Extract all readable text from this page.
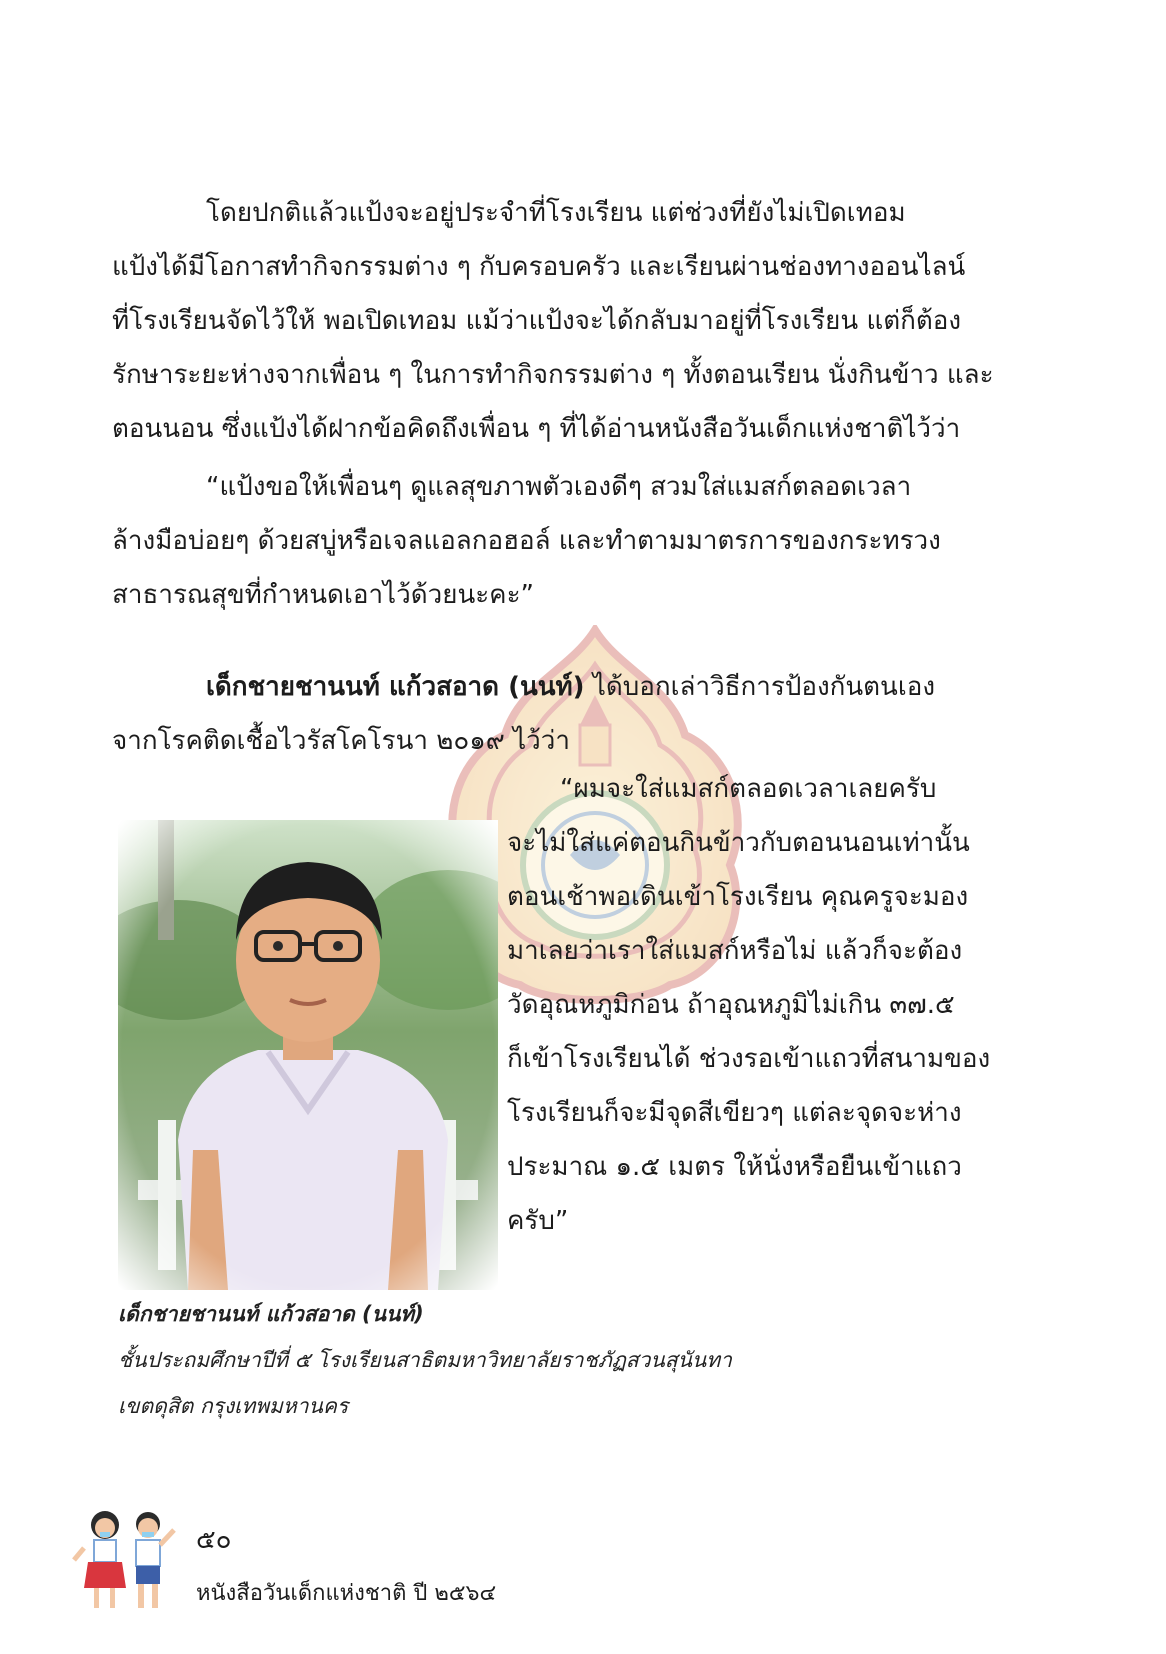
โดยปกติแล้วแป้งจะอยู่ประจำที่โรงเรียน แต่ช่วงที่ยังไม่เปิดเทอม
แป้งได้มีโอกาสทำกิจกรรมต่าง ๆ กับครอบครัว และเรียนผ่านช่องทางออนไลน์
ที่โรงเรียนจัดไว้ให้ พอเปิดเทอม แม้ว่าแป้งจะได้กลับมาอยู่ที่โรงเรียน แต่ก็ต้อง
รักษาระยะห่างจากเพื่อน ๆ ในการทำกิจกรรมต่าง ๆ ทั้งตอนเรียน นั่งกินข้าว และ
ตอนนอน ซึ่งแป้งได้ฝากข้อคิดถึงเพื่อน ๆ ที่ได้อ่านหนังสือวันเด็กแห่งชาติไว้ว่า
“แป้งขอให้เพื่อนๆ ดูแลสุขภาพตัวเองดีๆ สวมใส่แมสก์ตลอดเวลา
ล้างมือบ่อยๆ ด้วยสบู่หรือเจลแอลกอฮอล์ และทำตามมาตรการของกระทรวง
สาธารณสุขที่กำหนดเอาไว้ด้วยนะคะ”
เด็กชายชานนท์ แก้วสอาด (นนท์) ได้บอกเล่าวิธีการป้องกันตนเอง
จากโรคติดเชื้อไวรัสโคโรนา ๒๐๑๙ ไว้ว่า
“ผมจะใส่แมสก์ตลอดเวลาเลยครับ
จะไม่ใส่แค่ตอนกินข้าวกับตอนนอนเท่านั้น
ตอนเช้าพอเดินเข้าโรงเรียน คุณครูจะมอง
มาเลยว่าเราใส่แมสก์หรือไม่ แล้วก็จะต้อง
วัดอุณหภูมิก่อน ถ้าอุณหภูมิไม่เกิน ๓๗.๕
ก็เข้าโรงเรียนได้ ช่วงรอเข้าแถวที่สนามของ
โรงเรียนก็จะมีจุดสีเขียวๆ แต่ละจุดจะห่าง
ประมาณ ๑.๕ เมตร ให้นั่งหรือยืนเข้าแถว
ครับ”
เด็กชายชานนท์ แก้วสอาด (นนท์)
ชั้นประถมศึกษาปีที่ ๕ โรงเรียนสาธิตมหาวิทยาลัยราชภัฏสวนสุนันทา
เขตดุสิต กรุงเทพมหานคร
๕๐
หนังสือวันเด็กแห่งชาติ ปี ๒๕๖๔
